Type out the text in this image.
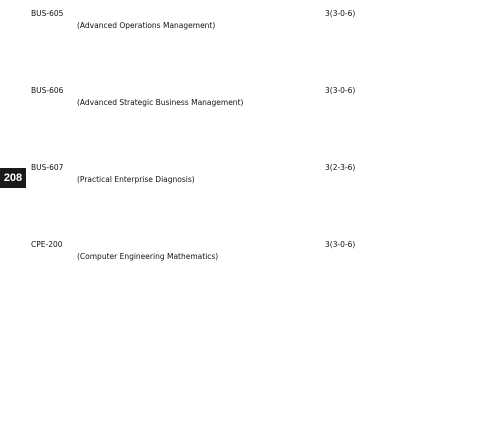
208
BUS-605	3(3-0-6)
(Advanced Operations Management)
BUS-606	3(3-0-6)
(Advanced Strategic Business Management)
BUS-607	3(2-3-6)
(Practical Enterprise Diagnosis)
CPE-200	3(3-0-6)
(Computer Engineering Mathematics)
